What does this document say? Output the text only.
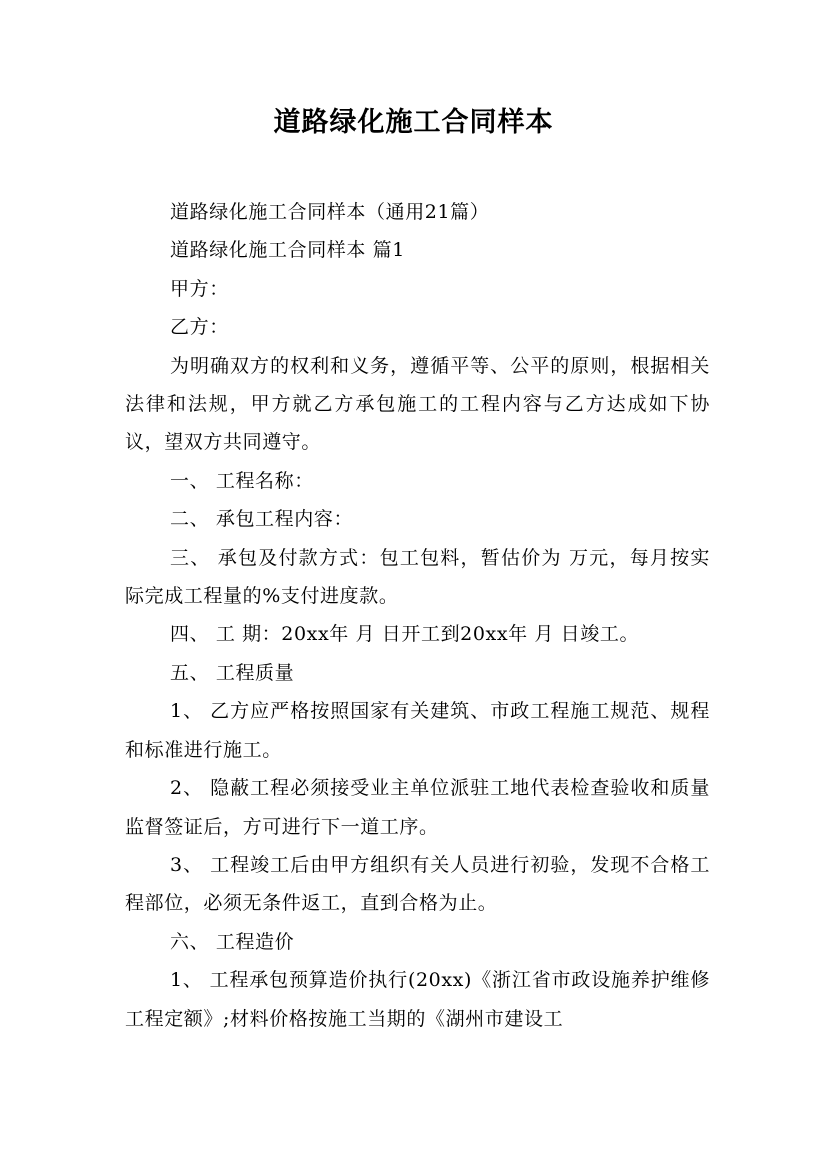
道路绿化施工合同样本

道路绿化施工合同样本（通用21篇）

道路绿化施工合同样本 篇1

甲方：

乙方：

为明确双方的权利和义务，遵循平等、公平的原则，根据相关法律和法规，甲方就乙方承包施工的工程内容与乙方达成如下协议，望双方共同遵守。

一、 工程名称：

二、 承包工程内容：

三、 承包及付款方式：包工包料，暂估价为 万元，每月按实际完成工程量的%支付进度款。

四、 工 期：20xx年 月 日开工到20xx年 月 日竣工。

五、 工程质量

1、 乙方应严格按照国家有关建筑、市政工程施工规范、规程和标准进行施工。

2、 隐蔽工程必须接受业主单位派驻工地代表检查验收和质量监督签证后，方可进行下一道工序。

3、 工程竣工后由甲方组织有关人员进行初验，发现不合格工程部位，必须无条件返工，直到合格为止。

六、 工程造价

1、 工程承包预算造价执行(20xx)《浙江省市政设施养护维修工程定额》;材料价格按施工当期的《湖州市建设工
